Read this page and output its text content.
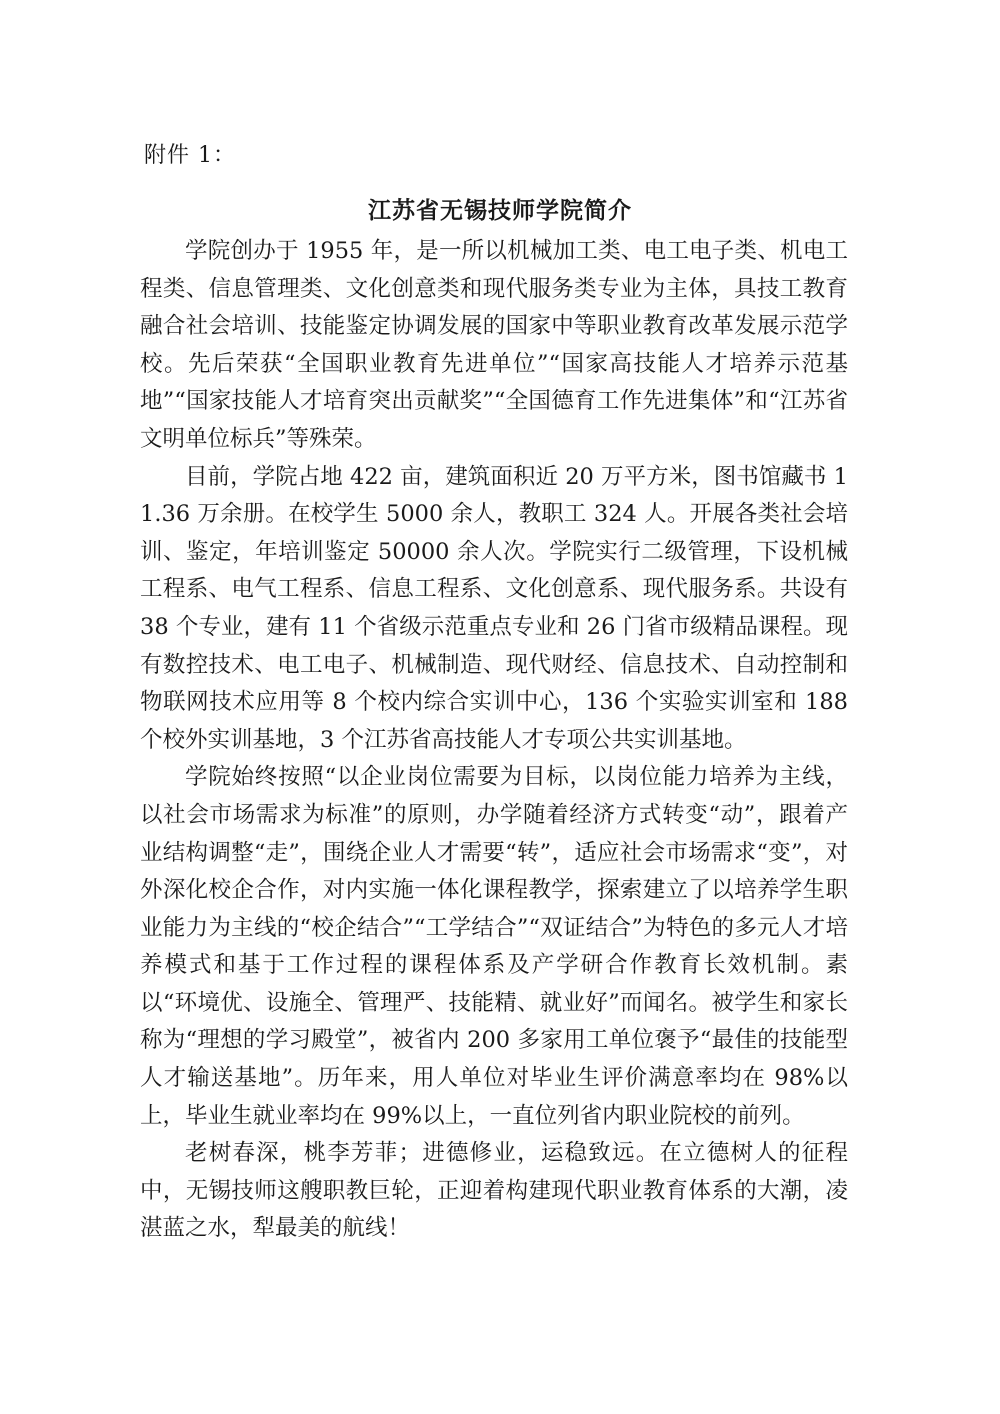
附件 1：
江苏省无锡技师学院简介

学院创办于 1955 年，是一所以机械加工类、电工电子类、机电工程类、信息管理类、文化创意类和现代服务类专业为主体，具技工教育融合社会培训、技能鉴定协调发展的国家中等职业教育改革发展示范学校。先后荣获“全国职业教育先进单位”“国家高技能人才培养示范基地”“国家技能人才培育突出贡献奖”“全国德育工作先进集体”和“江苏省文明单位标兵”等殊荣。

目前，学院占地 422 亩，建筑面积近 20 万平方米，图书馆藏书 11.36 万余册。在校学生 5000 余人，教职工 324 人。开展各类社会培训、鉴定，年培训鉴定 50000 余人次。学院实行二级管理，下设机械工程系、电气工程系、信息工程系、文化创意系、现代服务系。共设有 38 个专业，建有 11 个省级示范重点专业和 26 门省市级精品课程。现有数控技术、电工电子、机械制造、现代财经、信息技术、自动控制和物联网技术应用等 8 个校内综合实训中心，136 个实验实训室和 188 个校外实训基地，3 个江苏省高技能人才专项公共实训基地。

学院始终按照“以企业岗位需要为目标，以岗位能力培养为主线，以社会市场需求为标准”的原则，办学随着经济方式转变“动”，跟着产业结构调整“走”，围绕企业人才需要“转”，适应社会市场需求“变”，对外深化校企合作，对内实施一体化课程教学，探索建立了以培养学生职业能力为主线的“校企结合”“工学结合”“双证结合”为特色的多元人才培养模式和基于工作过程的课程体系及产学研合作教育长效机制。素以“环境优、设施全、管理严、技能精、就业好”而闻名。被学生和家长称为“理想的学习殿堂”，被省内 200 多家用工单位褒予“最佳的技能型人才输送基地”。历年来，用人单位对毕业生评价满意率均在 98%以上，毕业生就业率均在 99%以上，一直位列省内职业院校的前列。

老树春深，桃李芳菲；进德修业，运稳致远。在立德树人的征程中，无锡技师这艘职教巨轮，正迎着构建现代职业教育体系的大潮，凌湛蓝之水，犁最美的航线！
